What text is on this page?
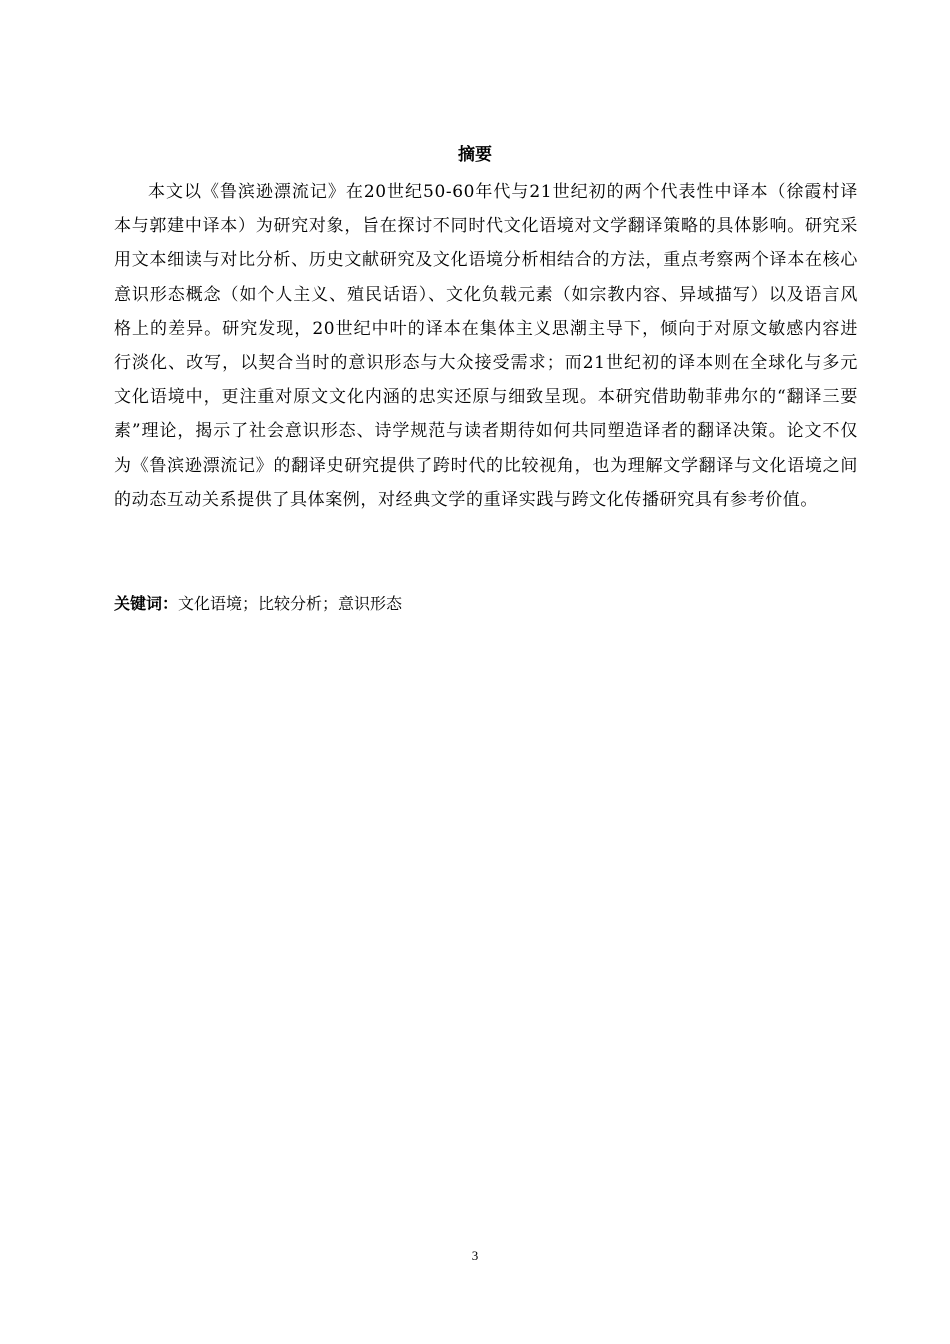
摘要

本文以《鲁滨逊漂流记》在20世纪50-60年代与21世纪初的两个代表性中译本（徐霞村译本与郭建中译本）为研究对象，旨在探讨不同时代文化语境对文学翻译策略的具体影响。研究采用文本细读与对比分析、历史文献研究及文化语境分析相结合的方法，重点考察两个译本在核心意识形态概念（如个人主义、殖民话语）、文化负载元素（如宗教内容、异域描写）以及语言风格上的差异。研究发现，20世纪中叶的译本在集体主义思潮主导下，倾向于对原文敏感内容进行淡化、改写，以契合当时的意识形态与大众接受需求；而21世纪初的译本则在全球化与多元文化语境中，更注重对原文文化内涵的忠实还原与细致呈现。本研究借助勒菲弗尔的“翻译三要素”理论，揭示了社会意识形态、诗学规范与读者期待如何共同塑造译者的翻译决策。论文不仅为《鲁滨逊漂流记》的翻译史研究提供了跨时代的比较视角，也为理解文学翻译与文化语境之间的动态互动关系提供了具体案例，对经典文学的重译实践与跨文化传播研究具有参考价值。

关键词：文化语境；比较分析；意识形态

3
